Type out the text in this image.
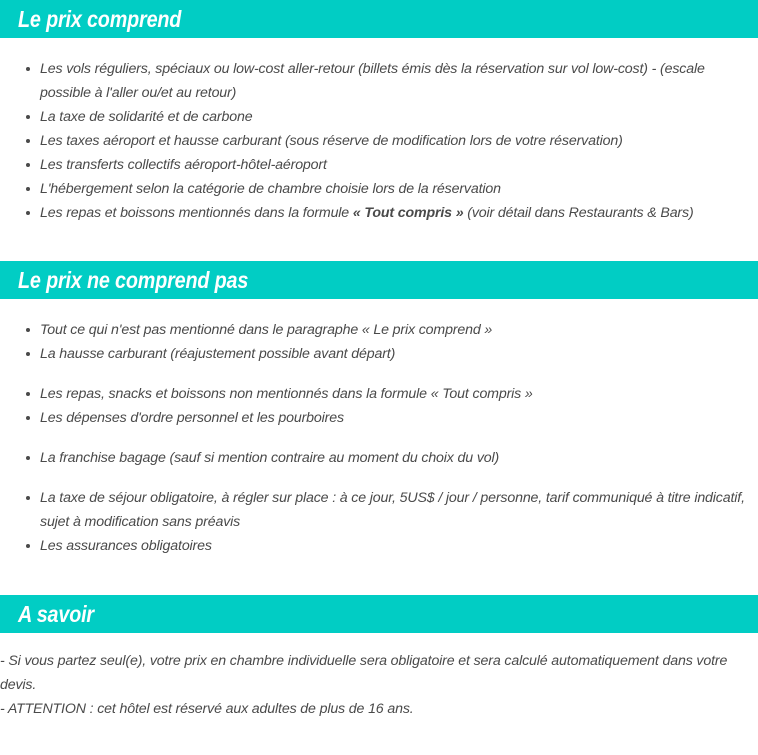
Le prix comprend
Les vols réguliers, spéciaux ou low-cost aller-retour (billets émis dès la réservation sur vol low-cost) - (escale possible à l'aller ou/et au retour)
La taxe de solidarité et de carbone
Les taxes aéroport et hausse carburant (sous réserve de modification lors de votre réservation)
Les transferts collectifs aéroport-hôtel-aéroport
L'hébergement selon la catégorie de chambre choisie lors de la réservation
Les repas et boissons mentionnés dans la formule « Tout compris » (voir détail dans Restaurants & Bars)
Le prix ne comprend pas
Tout ce qui n'est pas mentionné dans le paragraphe « Le prix comprend »
La hausse carburant (réajustement possible avant départ)
Les repas, snacks et boissons non mentionnés dans la formule « Tout compris »
Les dépenses d'ordre personnel et les pourboires
La franchise bagage (sauf si mention contraire au moment du choix du vol)
La taxe de séjour obligatoire, à régler sur place : à ce jour, 5US$ / jour / personne, tarif communiqué à titre indicatif, sujet à modification sans préavis
Les assurances obligatoires
A savoir

- Si vous partez seul(e), votre prix en chambre individuelle sera obligatoire et sera calculé automatiquement dans votre devis.

- ATTENTION : cet hôtel est réservé aux adultes de plus de 16 ans.
